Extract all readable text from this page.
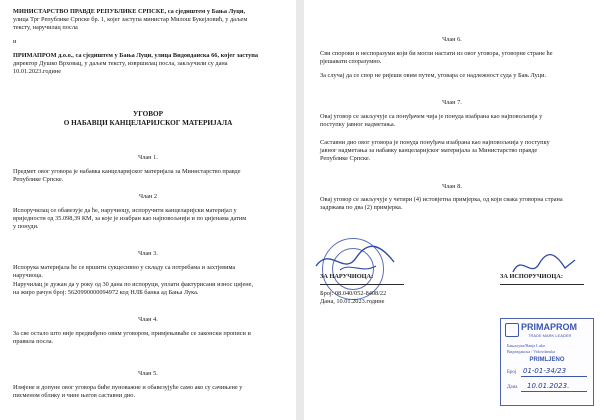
МИНИСТАРСТВО ПРАВДЕ РЕПУБЛИКЕ СРПСКЕ, са сједиштем у Бања Луци,
улица Трг Републике Српске бр. 1, којег заступа министар Милош Букејловић, у даљем
тексту, наручилац посла
и
ПРИМАПРОМ д.о.о., са сједиштем у Бања Луци, улица Видовданска 66, којег заступа
директор Душко Врховац, у даљем тексту, извршилац посла, закључили су дана
10.01.2023.године
УГОВОР
О НАБАВЦИ КАНЦЕЛАРИЈСКОГ МАТЕРИЈАЛА
Члан 1.
Предмет овог уговора је набавка канцеларијског материјала за Министарство правде
Републике Српске.
Члан 2
Испоручилац се обавезује да ће, наручиоцу, испоручити канцеларијски материјал у
вриједности од 35.098,39 КМ, за које је изабран као најповољнији и по цијенама датим
у понуди.
Члан 3.
Испорука материјала ће се вршити сукцесивно у складу са потребама и захтјевима
наручиоца.
Наручилац је дужан да у року од 30 дана по испоруци, уплати фактурисани износ цијене,
на жиро рачун број: 5620990000094972 код НЛБ банка ад Бања Лука.
Члан 4.
За све остало што није предвиђено овим уговором, примјењиваће се законски прописи и
правила посла.
Члан 5.
Измјене и допуне овог уговора биће пуноважне и обавезујуће само ако су сачињене у
писменом облику и чине његов саставни дио.
Члан 6.
Сви спорови и неспоразуми који би могли настати из овог уговора, уговорне стране ће
рјешавати споразумно.
За случај да се спор не ријеши овим путем, уговара се надлежност суда у Бањ Луци.
Члан 7.
Овај уговор се закључује са понуђачем чија је понуда изабрана као најповољнија у
поступку јавног надметања.
Саставни дио овог уговора је понуда понуђача изабрана као најповољнија у поступку
јавног надметања за набавку канцеларијског материјала за Министарство правде
Републике Српске.
Члан 8.
Овај уговор се закључује у четири (4) истовјетна примјерка, од који свака уговорна страна
задржава по два (2) примјерка.
ЗА НАРУЧИОЦА:
Број: 08.040/052-8408/22
Дана, 10.01.2023.године
ЗА ИСПОРУЧИОЦА:
PRIMAPROM
TRADE MARK LEADER
Бањалука/Banja Luka
Видовданска / Vidovdanska
PRIMLJENO
Број 01-01-34/23
Дана 10.01.2023.
